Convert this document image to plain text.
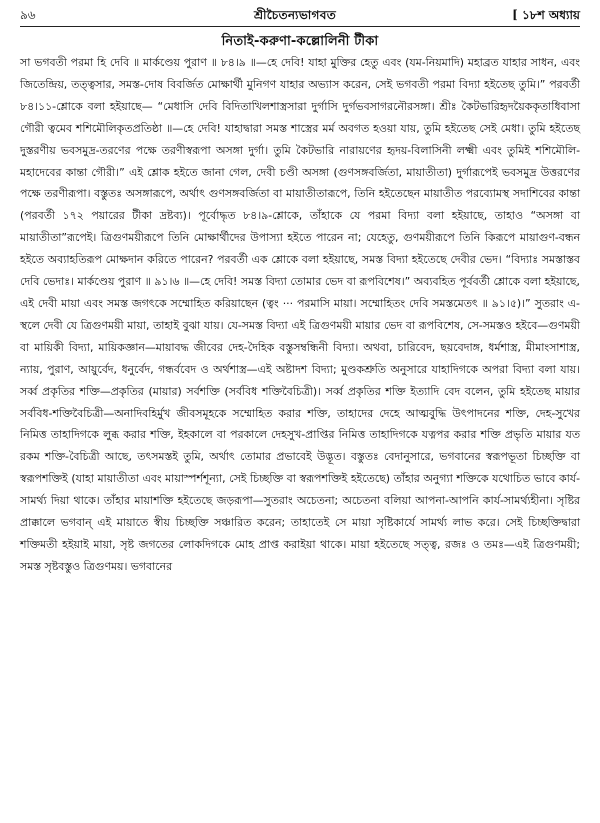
৯৬	শ্রীচৈতন্যভাগবত	[ ১৮শ অধ্যায়
নিতাই-করুণা-কল্লোলিনী টীকা

সা ভগবতী পরমা হি দেবি ॥ মার্কণ্ডেয় পুরাণ ॥ ৮৪।৯ ॥—হে দেবি! যাহা মুক্তির হেতু এবং (যম-নিয়মাদি) মহাব্রত যাহার সাধন, এবং জিতেন্দ্রিয়, তত্ত্বসার, সমস্ত-দোষ বিবর্জিত মোক্ষার্থী মুনিগণ যাহার অভ্যাস করেন, সেই ভগবতী পরমা বিদ্যা হইতেছ তুমি।” পরবর্তী ৮৪।১১-শ্লোকে বলা হইয়াছে— “মেধাসি দেবি বিদিতাখিলশাস্ত্রসারা দুর্গাসি দুর্গভবসাগরনৌরসঙ্গা। শ্রীঃ কৈটভারিহৃদয়ৈককৃতাধিবাসা গৌরী ত্বমেব শশিমৌলিকৃতপ্রতিষ্ঠা ॥—হে দেবি! যাহাদ্বারা সমস্ত শাস্ত্রের মর্ম অবগত হওয়া যায়, তুমি হইতেছ সেই মেধা। তুমি হইতেছ দুস্তরণীয় ভবসমুদ্র-তরণের পক্ষে তরণীস্বরূপা অসঙ্গা দুর্গা। তুমি কৈটভারি নারায়ণের হৃদয়-বিলাসিনী লক্ষ্মী এবং তুমিই শশিমৌলি-মহাদেবের কান্তা গৌরী।” এই শ্লোক হইতে জানা গেল, দেবী চণ্ডী অসঙ্গা (গুণসঙ্গবর্জিতা, মায়াতীতা) দুর্গারূপেই ভবসমুদ্র উত্তরণের পক্ষে তরণীরূপা। বস্তুতঃ অসঙ্গারূপে, অর্থাৎ গুণসঙ্গবর্জিতা বা মায়াতীতারূপে, তিনি হইতেছেন মায়াতীত পরব্যোমস্থ সদাশিবের কান্তা (পরবর্তী ১৭২ পয়ারের টীকা দ্রষ্টব্য)। পূর্বোদ্ধৃত ৮৪।৯-শ্লোকে, তাঁহাকে যে পরমা বিদ্যা বলা হইয়াছে, তাহাও “অসঙ্গা বা মায়াতীতা”রূপেই। ত্রিগুণময়ীরূপে তিনি মোক্ষার্থীদের উপাস্যা হইতে পারেন না; যেহেতু, গুণময়ীরূপে তিনি কিরূপে মায়াগুণ-বন্ধন হইতে অব্যাহতিরূপ মোক্ষদান করিতে পারেন? পরবর্তী এক শ্লোকে বলা হইয়াছে, সমস্ত বিদ্যা হইতেছে দেবীর ভেদ। “বিদ্যাঃ সমস্তাস্তব দেবি ভেদাঃ। মার্কণ্ডেয় পুরাণ ॥ ৯১।৬ ॥—হে দেবি! সমস্ত বিদ্যা তোমার ভেদ বা রূপবিশেষ।” অব্যবহিত পূর্ববর্তী শ্লোকে বলা হইয়াছে, এই দেবী মায়া এবং সমস্ত জগৎকে সম্মোহিত করিয়াছেন (ত্বং ··· পরমাসি মায়া। সম্মোহিতং দেবি সমস্তমেতৎ ॥ ৯১।৫)।” সুতরাং এ-স্থলে দেবী যে ত্রিগুণময়ী মায়া, তাহাই বুঝা যায়। যে-সমস্ত বিদ্যা এই ত্রিগুণময়ী মায়ার ভেদ বা রূপবিশেষ, সে-সমস্তও হইবে—গুণময়ী বা মায়িকী বিদ্যা, মায়িকজ্ঞান—মায়াবদ্ধ জীবের দেহ-দৈহিক বস্তুসম্বন্ধিনী বিদ্যা। অথবা, চারিবেদ, ছয়বেদাঙ্গ, ধর্মশাস্ত্র, মীমাংসাশাস্ত্র, ন্যায়, পুরাণ, আয়ুর্বেদ, ধনুর্বেদ, গন্ধর্ববেদ ও অর্থশাস্ত্র—এই অষ্টাদশ বিদ্যা; মুণ্ডকশ্রুতি অনুসারে যাহাদিগকে অপরা বিদ্যা বলা যায়। সর্ব্ব প্রকৃতির শক্তি—প্রকৃতির (মায়ার) সর্বশক্তি (সর্ববিধ শক্তিবৈচিত্রী)। সর্ব্ব প্রকৃতির শক্তি ইত্যাদি বেদ বলেন, তুমি হইতেছ মায়ার সর্ববিধ-শক্তিবৈচিত্রী—অনাদিবহির্মুখ জীবসমূহকে সম্মোহিত করার শক্তি, তাহাদের দেহে আত্মবুদ্ধি উৎপাদনের শক্তি, দেহ-সুখের নিমিত্ত তাহাদিগকে লুব্ধ করার শক্তি, ইহকালে বা পরকালে দেহসুখ-প্রাপ্তির নিমিত্ত তাহাদিগকে যত্নপর করার শক্তি প্রভৃতি মায়ার যত রকম শক্তি-বৈচিত্রী আছে, তৎসমস্তই তুমি, অর্থাৎ তোমার প্রভাবেই উদ্ভূত। বস্তুতঃ বেদানুসারে, ভগবানের স্বরূপভূতা চিচ্ছক্তি বা স্বরূপশক্তিই (যাহা মায়াতীতা এবং মায়াস্পর্শশূন্যা, সেই চিচ্ছক্তি বা স্বরূপশক্তিই হইতেছে) তাঁহার অনুগ্যা শক্তিকে যথোচিত ভাবে কার্য-সামর্থ্য দিয়া থাকে। তাঁহার মায়াশক্তি হইতেছে জড়রূপা—সুতরাং অচেতনা; অচেতনা বলিয়া আপনা-আপনি কার্য-সামর্থ্যহীনা। সৃষ্টির প্রাক্কালে ভগবান্ এই মায়াতে স্বীয় চিচ্ছক্তি সঞ্চারিত করেন; তাহাতেই সে মায়া সৃষ্টিকার্যে সামর্থ্য লাভ করে। সেই চিচ্ছক্তিদ্বারা শক্তিমতী হইয়াই মায়া, সৃষ্ট জগতের লোকদিগকে মোহ প্রাপ্ত করাইয়া থাকে। মায়া হইতেছে সত্ত্ব, রজঃ ও তমঃ—এই ত্রিগুণময়ী; সমস্ত সৃষ্টবস্তুও ত্রিগুণময়। ভগবানের
